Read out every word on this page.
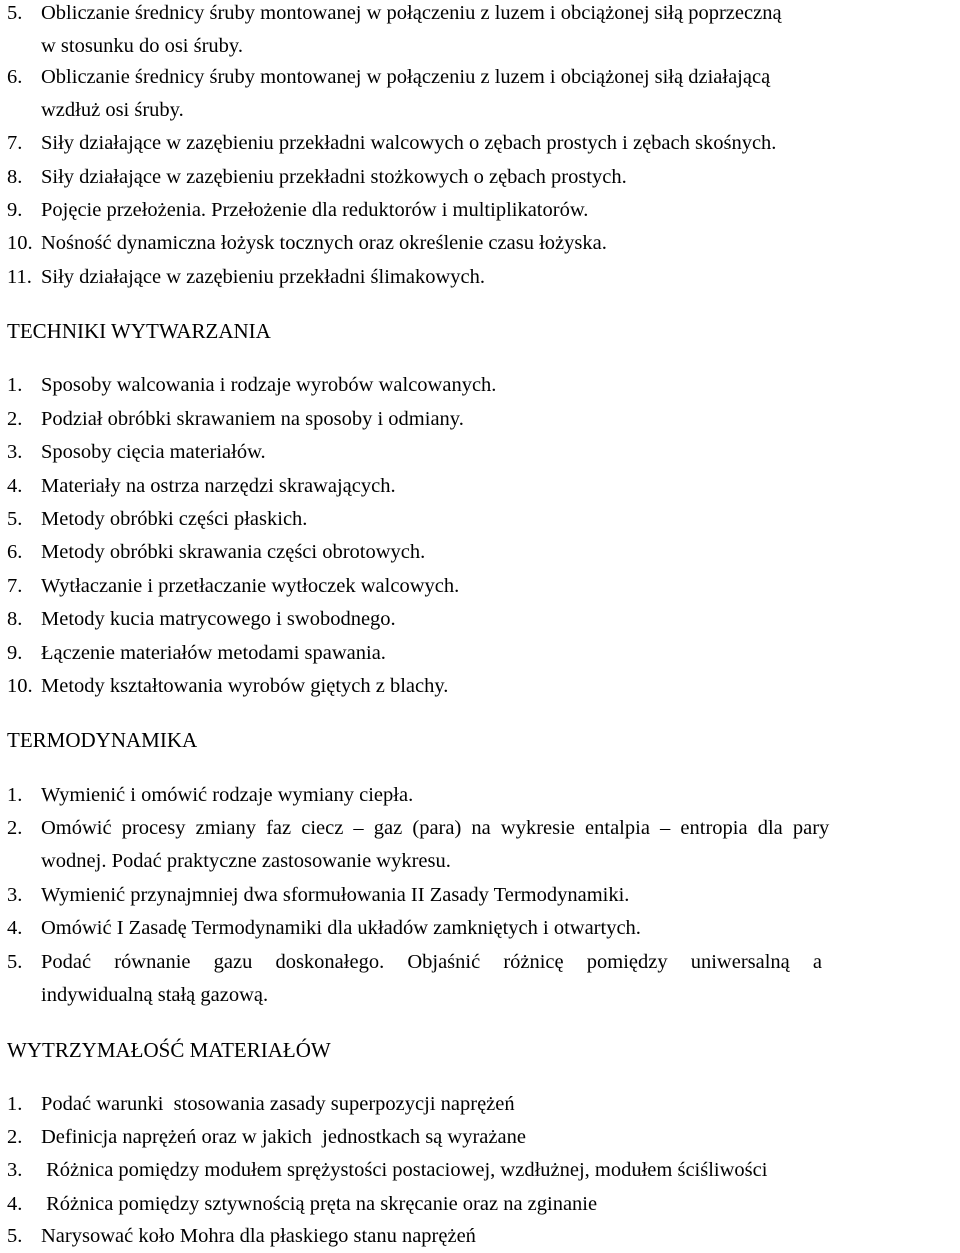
5. Obliczanie średnicy śruby montowanej w połączeniu z luzem i obciążonej siłą poprzeczną
w stosunku do osi śruby.
6. Obliczanie średnicy śruby montowanej w połączeniu z luzem i obciążonej siłą działającą
wzdłuż osi śruby.
7. Siły działające w zazębieniu przekładni walcowych o zębach prostych i zębach skośnych.
8. Siły działające w zazębieniu przekładni stożkowych o zębach prostych.
9. Pojęcie przełożenia. Przełożenie dla reduktorów i multiplikatorów.
10. Nośność dynamiczna łożysk tocznych oraz określenie czasu łożyska.
11. Siły działające w zazębieniu przekładni ślimakowych.
TECHNIKI WYTWARZANIA
1. Sposoby walcowania i rodzaje wyrobów walcowanych.
2. Podział obróbki skrawaniem na sposoby i odmiany.
3. Sposoby cięcia materiałów.
4. Materiały na ostrza narzędzi skrawających.
5. Metody obróbki części płaskich.
6. Metody obróbki skrawania części obrotowych.
7. Wytłaczanie i przetłaczanie wytłoczek walcowych.
8. Metody kucia matrycowego i swobodnego.
9. Łączenie materiałów metodami spawania.
10. Metody kształtowania wyrobów giętych z blachy.
TERMODYNAMIKA
1. Wymienić i omówić rodzaje wymiany ciepła.
2. Omówić procesy zmiany faz ciecz – gaz (para) na wykresie entalpia – entropia dla pary
wodnej. Podać praktyczne zastosowanie wykresu.
3. Wymienić przynajmniej dwa sformułowania II Zasady Termodynamiki.
4. Omówić I Zasadę Termodynamiki dla układów zamkniętych i otwartych.
5. Podać równanie gazu doskonałego. Objaśnić różnicę pomiędzy uniwersalną a
indywidualną stałą gazową.
WYTRZYMAŁOŚĆ MATERIAŁÓW
1. Podać warunki  stosowania zasady superpozycji naprężeń
2. Definicja naprężeń oraz w jakich  jednostkach są wyrażane
3. Różnica pomiędzy modułem sprężystości postaciowej, wzdłużnej, modułem ściśliwości
4. Różnica pomiędzy sztywnością pręta na skręcanie oraz na zginanie
5. Narysować koło Mohra dla płaskiego stanu naprężeń
